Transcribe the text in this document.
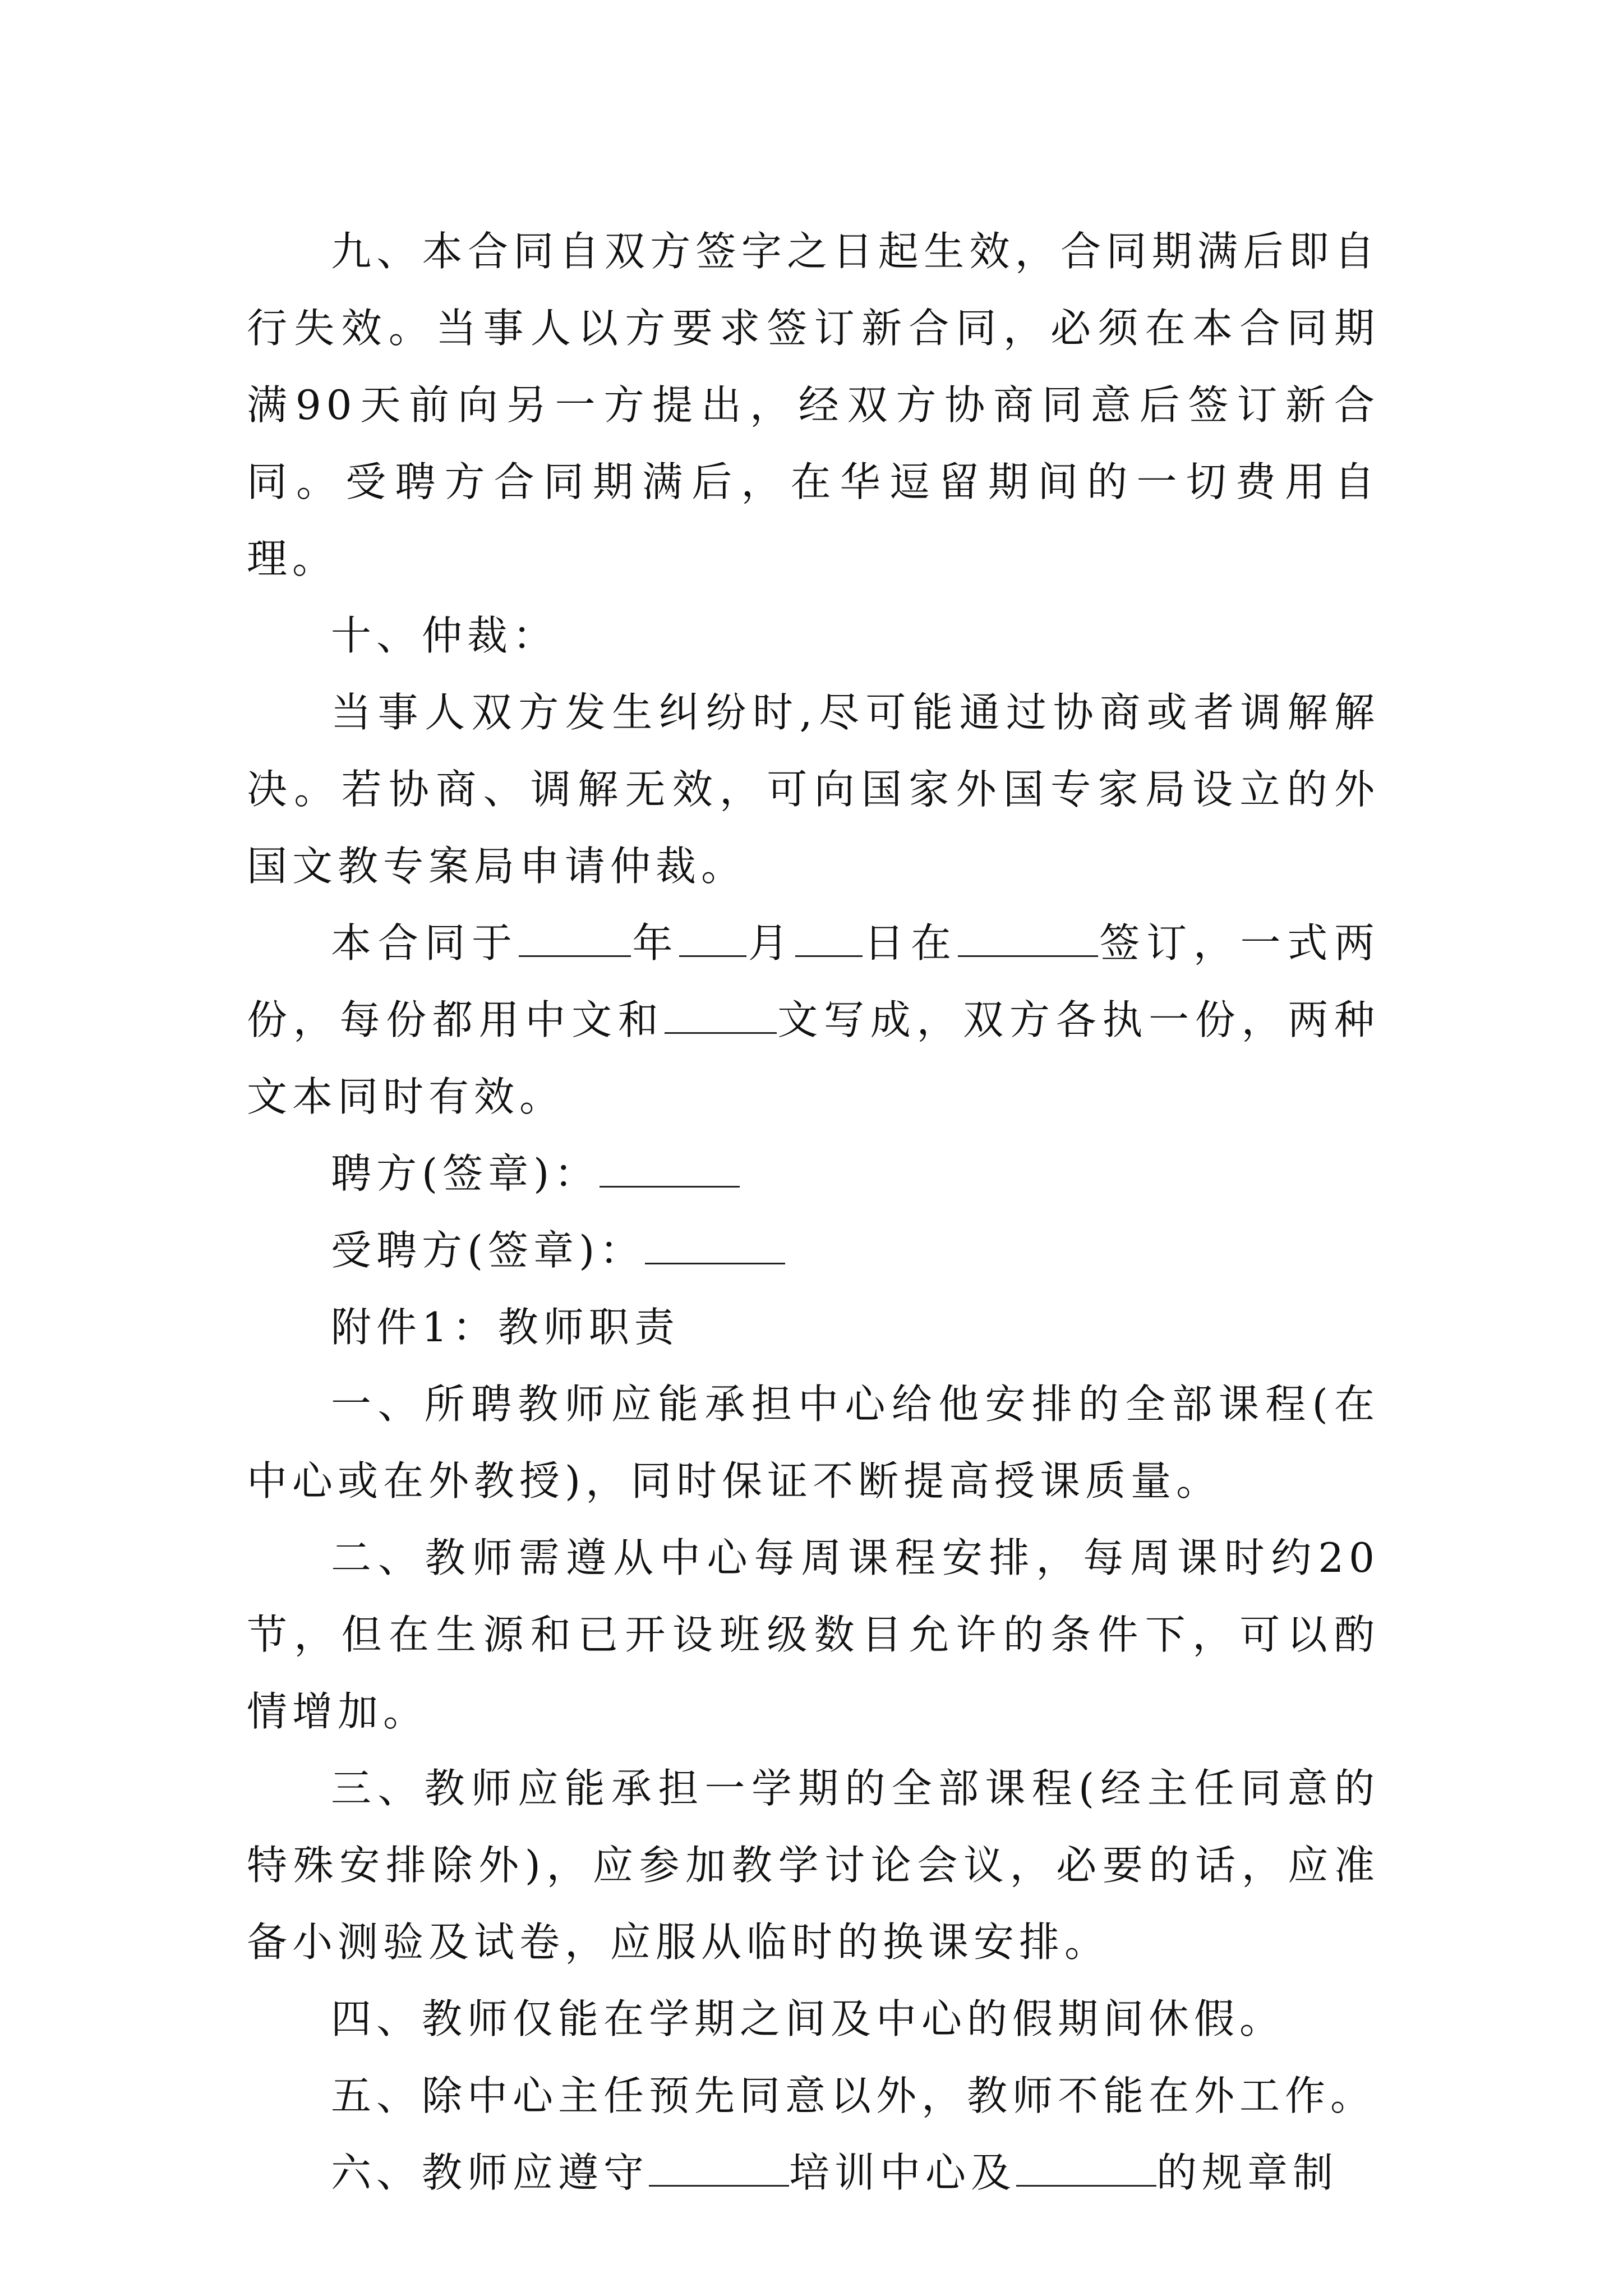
九、本合同自双方签字之日起生效，合同期满后即自行失效。当事人以方要求签订新合同，必须在本合同期满90天前向另一方提出，经双方协商同意后签订新合同。受聘方合同期满后，在华逗留期间的一切费用自理。

十、仲裁：

当事人双方发生纠纷时,尽可能通过协商或者调解解决。若协商、调解无效，可向国家外国专家局设立的外国文教专案局申请仲裁。

本合同于	年 月 日在	签订，一式两份，每份都用中文和	文写成，双方各执一份，两种文本同时有效。

聘方(签章)：

受聘方(签章)：

附件1：教师职责

一、所聘教师应能承担中心给他安排的全部课程(在中心或在外教授)，同时保证不断提高授课质量。

二、教师需遵从中心每周课程安排，每周课时约20节，但在生源和已开设班级数目允许的条件下，可以酌情增加。

三、教师应能承担一学期的全部课程(经主任同意的特殊安排除外)，应参加教学讨论会议，必要的话，应准备小测验及试卷，应服从临时的换课安排。

四、教师仅能在学期之间及中心的假期间休假。

五、除中心主任预先同意以外，教师不能在外工作。

六、教师应遵守	培训中心及	的规章制
